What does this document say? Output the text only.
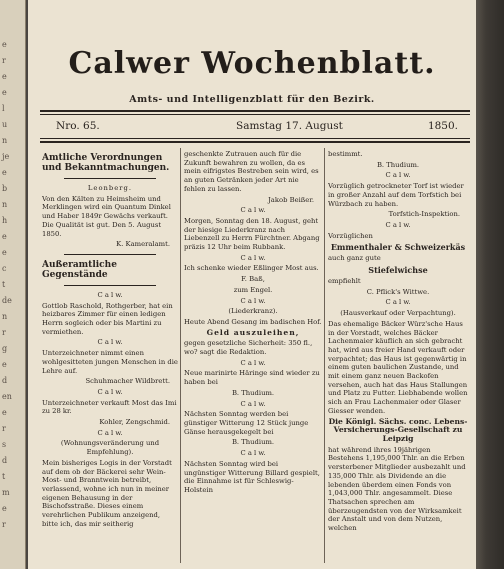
e
r
e
e
l
u
n
je
e
b
n
h
e
e
c
t
de
n
r
g
e
d
en
e
r
s
d
t
m
e
r
Calwer Wochenblatt.
Amts- und Intelligenzblatt für den Bezirk.
Nro. 65.	Samstag 17. August	1850.
Amtliche Verordnungen und Bekanntmachungen.

Leonberg.

Von den Kälten zu Heimsheim und Merklingen wird ein Quantum Dinkel und Haber 1849r Gewächs verkauft. Die Qualität ist gut. Den 5. August 1850.

K. Kameralamt.

Außeramtliche Gegenstände

C a l w.

Gottlob Raschold, Rothgerber, hat ein heizbares Zimmer für einen ledigen Herrn sogleich oder bis Martini zu vermiethen.

C a l w.

Unterzeichneter nimmt einen wohlgesitteten jungen Menschen in die Lehre auf.

Schuhmacher Wildbrett.

C a l w.

Unterzeichneter verkauft Most das Imi zu 28 kr.

Kohler, Zengschmid.

C a l w.

(Wohnungsveränderung und Empfehlung).

Mein bisheriges Logis in der Vorstadt auf dem ob der Bäckerei sehr Wein-Most- und Branntwein betreibt, verlassend, wohne ich nun in meiner eigenen Behausung in der Bischofsstraße. Dieses einem verehrlichen Publikum anzeigend, bitte ich, das mir seitherig

geschenkte Zutrauen auch für die Zukunft bewahren zu wollen, da es mein eifrigstes Bestreben sein wird, es an guten Getränken jeder Art nie fehlen zu lassen.

Jakob Beißer.

C a l w.

Morgen, Sonntag den 18. August, geht der hiesige Liederkranz nach Liebenzell zu Herrn Fürchtner. Abgang präzis 12 Uhr beim Rubbank.

C a l w.

Ich schenke wieder Eßlinger Most aus.

F. Baß,

zum Engel.

C a l w.

(Liederkranz).

Heute Abend Gesang im badischen Hof.

Geld auszuleihen,

gegen gesetzliche Sicherheit: 350 fl., wo? sagt die Redaktion.

C a l w.

Neue marinirte Häringe sind wieder zu haben bei

B. Thudium.

C a l w.

Nächsten Sonntag werden bei günstiger Witterung 12 Stück junge Gänse herausgekegelt bei

B. Thudium.

C a l w.

Nächsten Sonntag wird bei ungünstiger Witterung Billard gespielt, die Einnahme ist für Schleswig-Holstein

bestimmt.

B. Thudium.

C a l w.

Vorzüglich getrockneter Torf ist wieder in großer Anzahl auf dem Torfstich bei Würzbach zu haben.

Torfstich-Inspektion.

C a l w.

Vorzüglichen

Emmenthaler & Schweizerkäs

auch ganz gute

Stiefelwichse

empfiehlt

C. Pflick's Wittwe.

C a l w.

(Hausverkauf oder Verpachtung).

Das ehemalige Bäcker Würz'sche Haus in der Vorstadt, welches Bäcker Lachenmaier käuflich an sich gebracht hat, wird aus freier Hand verkauft oder verpachtet; das Haus ist gegenwärtig in einem guten baulichen Zustande, und mit einem ganz neuen Backofen versehen, auch hat das Haus Stallungen und Platz zu Futter. Liebhabende wollen sich an Frau Lachenmaier oder Glaser Giesser wenden.

Die Königl. Sächs. conc. Lebens-Versicherungs-Gesellschaft zu Leipzig

hat während ihres 19jährigen Bestehens 1,195,000 Thlr. an die Erben versterbener Mitglieder ausbezahlt und 135,000 Thlr. als Dividende an die lebenden überdem einen Fonds von 1,043,000 Thlr. angesammelt. Diese Thatsachen sprechen am überzeugendsten von der Wirksamkeit der Anstalt und von dem Nutzen, welchen
